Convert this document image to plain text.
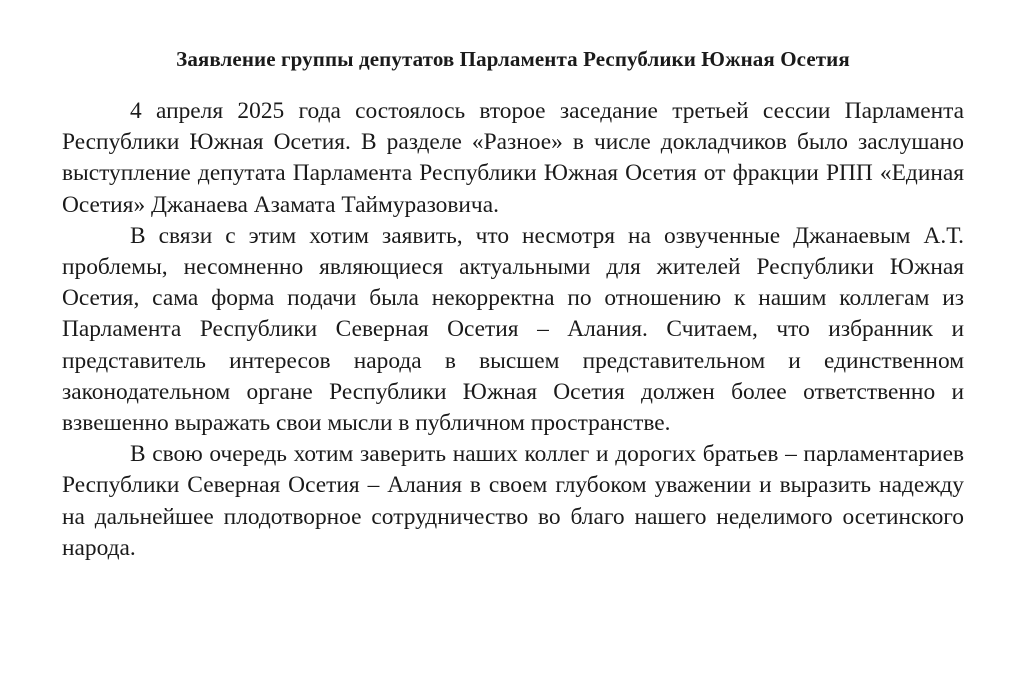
Заявление группы депутатов Парламента Республики Южная Осетия

4 апреля 2025 года состоялось второе заседание третьей сессии Парламента Республики Южная Осетия. В разделе «Разное» в числе докладчиков было заслушано выступление депутата Парламента Республики Южная Осетия от фракции РПП «Единая Осетия» Джанаева Азамата Таймуразовича.

В связи с этим хотим заявить, что несмотря на озвученные Джанаевым А.Т. проблемы, несомненно являющиеся актуальными для жителей Республики Южная Осетия, сама форма подачи была некорректна по отношению к нашим коллегам из Парламента Республики Северная Осетия – Алания. Считаем, что избранник и представитель интересов народа в высшем представительном и единственном законодательном органе Республики Южная Осетия должен более ответственно и взвешенно выражать свои мысли в публичном пространстве.

В свою очередь хотим заверить наших коллег и дорогих братьев – парламентариев Республики Северная Осетия – Алания в своем глубоком уважении и выразить надежду на дальнейшее плодотворное сотрудничество во благо нашего неделимого осетинского народа.
